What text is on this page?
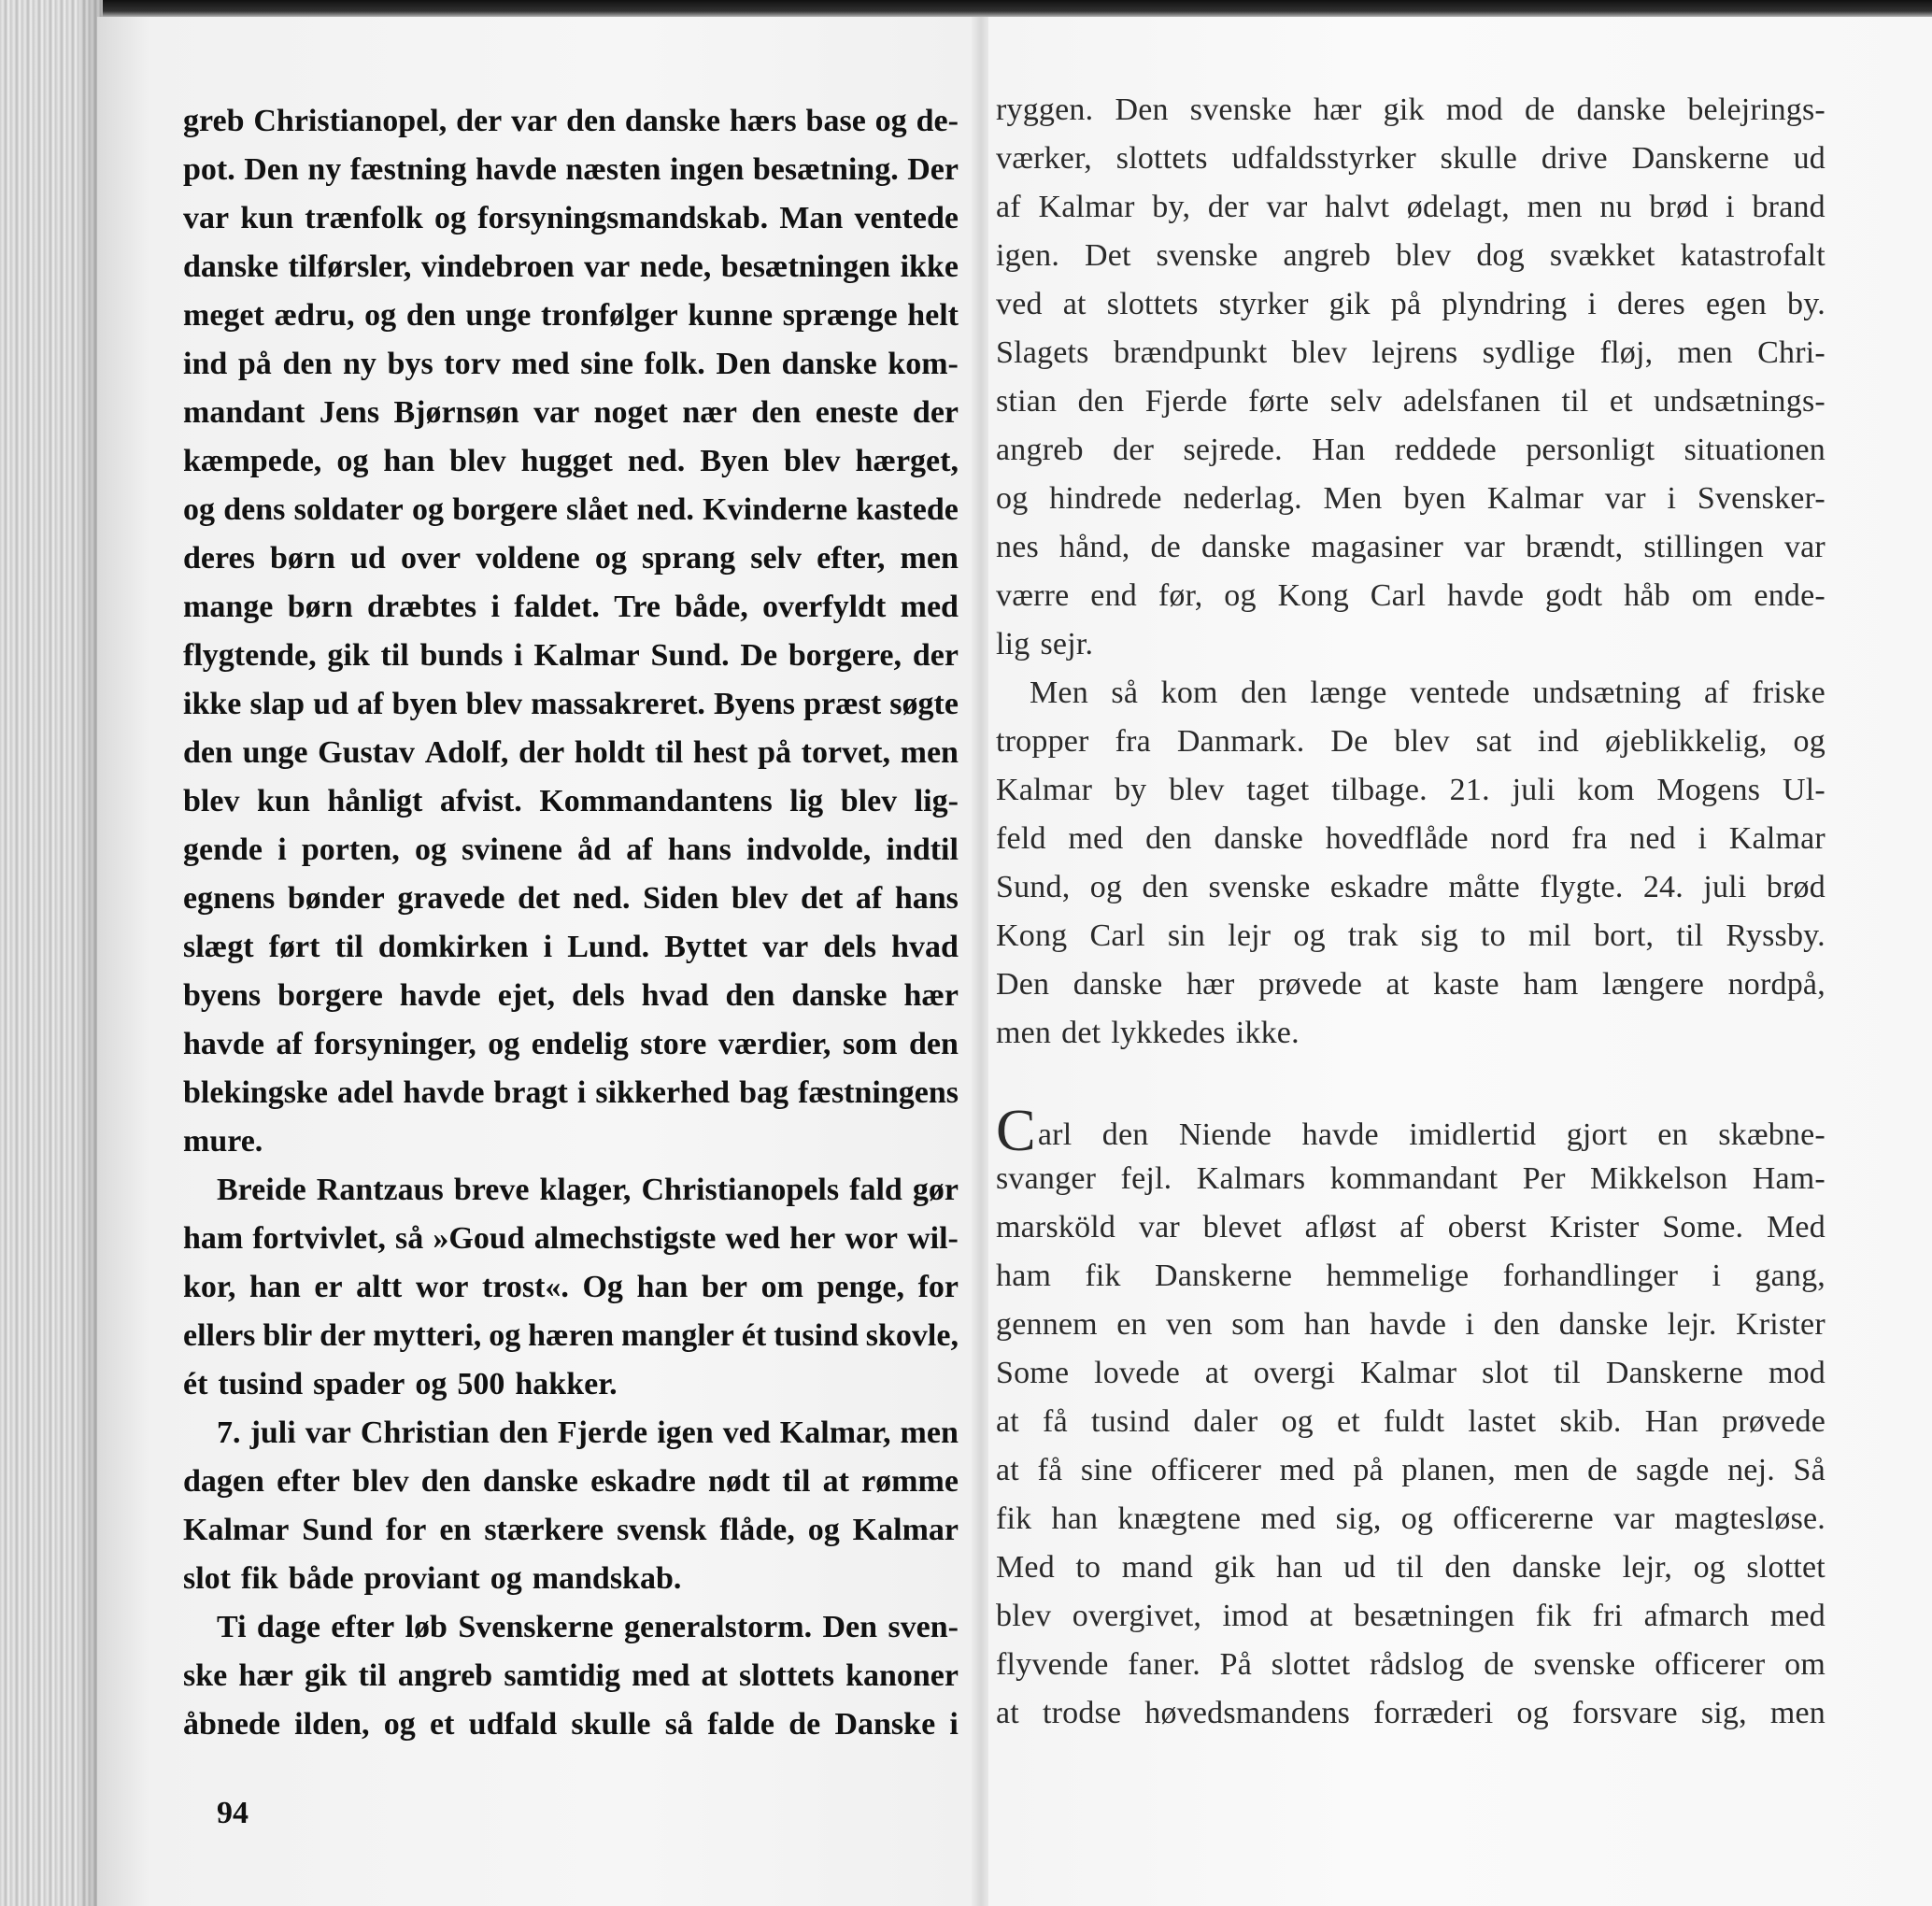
greb Christianopel, der var den danske hærs base og de-
pot. Den ny fæstning havde næsten ingen besætning. Der
var kun trænfolk og forsyningsmandskab. Man ventede
danske tilførsler, vindebroen var nede, besætningen ikke
meget ædru, og den unge tronfølger kunne sprænge helt
ind på den ny bys torv med sine folk. Den danske kom-
mandant Jens Bjørnsøn var noget nær den eneste der
kæmpede, og han blev hugget ned. Byen blev hærget,
og dens soldater og borgere slået ned. Kvinderne kastede
deres børn ud over voldene og sprang selv efter, men
mange børn dræbtes i faldet. Tre både, overfyldt med
flygtende, gik til bunds i Kalmar Sund. De borgere, der
ikke slap ud af byen blev massakreret. Byens præst søgte
den unge Gustav Adolf, der holdt til hest på torvet, men
blev kun hånligt afvist. Kommandantens lig blev lig-
gende i porten, og svinene åd af hans indvolde, indtil
egnens bønder gravede det ned. Siden blev det af hans
slægt ført til domkirken i Lund. Byttet var dels hvad
byens borgere havde ejet, dels hvad den danske hær
havde af forsyninger, og endelig store værdier, som den
blekingske adel havde bragt i sikkerhed bag fæstningens
mure.
Breide Rantzaus breve klager, Christianopels fald gør
ham fortvivlet, så »Goud almechstigste wed her wor wil-
kor, han er altt wor trost«. Og han ber om penge, for
ellers blir der mytteri, og hæren mangler ét tusind skovle,
ét tusind spader og 500 hakker.
7. juli var Christian den Fjerde igen ved Kalmar, men
dagen efter blev den danske eskadre nødt til at rømme
Kalmar Sund for en stærkere svensk flåde, og Kalmar
slot fik både proviant og mandskab.
Ti dage efter løb Svenskerne generalstorm. Den sven-
ske hær gik til angreb samtidig med at slottets kanoner
åbnede ilden, og et udfald skulle så falde de Danske i
ryggen. Den svenske hær gik mod de danske belejrings-
værker, slottets udfaldsstyrker skulle drive Danskerne ud
af Kalmar by, der var halvt ødelagt, men nu brød i brand
igen. Det svenske angreb blev dog svækket katastrofalt
ved at slottets styrker gik på plyndring i deres egen by.
Slagets brændpunkt blev lejrens sydlige fløj, men Chri-
stian den Fjerde førte selv adelsfanen til et undsætnings-
angreb der sejrede. Han reddede personligt situationen
og hindrede nederlag. Men byen Kalmar var i Svensker-
nes hånd, de danske magasiner var brændt, stillingen var
værre end før, og Kong Carl havde godt håb om ende-
lig sejr.
Men så kom den længe ventede undsætning af friske
tropper fra Danmark. De blev sat ind øjeblikkelig, og
Kalmar by blev taget tilbage. 21. juli kom Mogens Ul-
feld med den danske hovedflåde nord fra ned i Kalmar
Sund, og den svenske eskadre måtte flygte. 24. juli brød
Kong Carl sin lejr og trak sig to mil bort, til Ryssby.
Den danske hær prøvede at kaste ham længere nordpå,
men det lykkedes ikke.
Carl den Niende havde imidlertid gjort en skæbne-
svanger fejl. Kalmars kommandant Per Mikkelson Ham-
marsköld var blevet afløst af oberst Krister Some. Med
ham fik Danskerne hemmelige forhandlinger i gang,
gennem en ven som han havde i den danske lejr. Krister
Some lovede at overgi Kalmar slot til Danskerne mod
at få tusind daler og et fuldt lastet skib. Han prøvede
at få sine officerer med på planen, men de sagde nej. Så
fik han knægtene med sig, og officererne var magtesløse.
Med to mand gik han ud til den danske lejr, og slottet
blev overgivet, imod at besætningen fik fri afmarch med
flyvende faner. På slottet rådslog de svenske officerer om
at trodse høvedsmandens forræderi og forsvare sig, men

94
